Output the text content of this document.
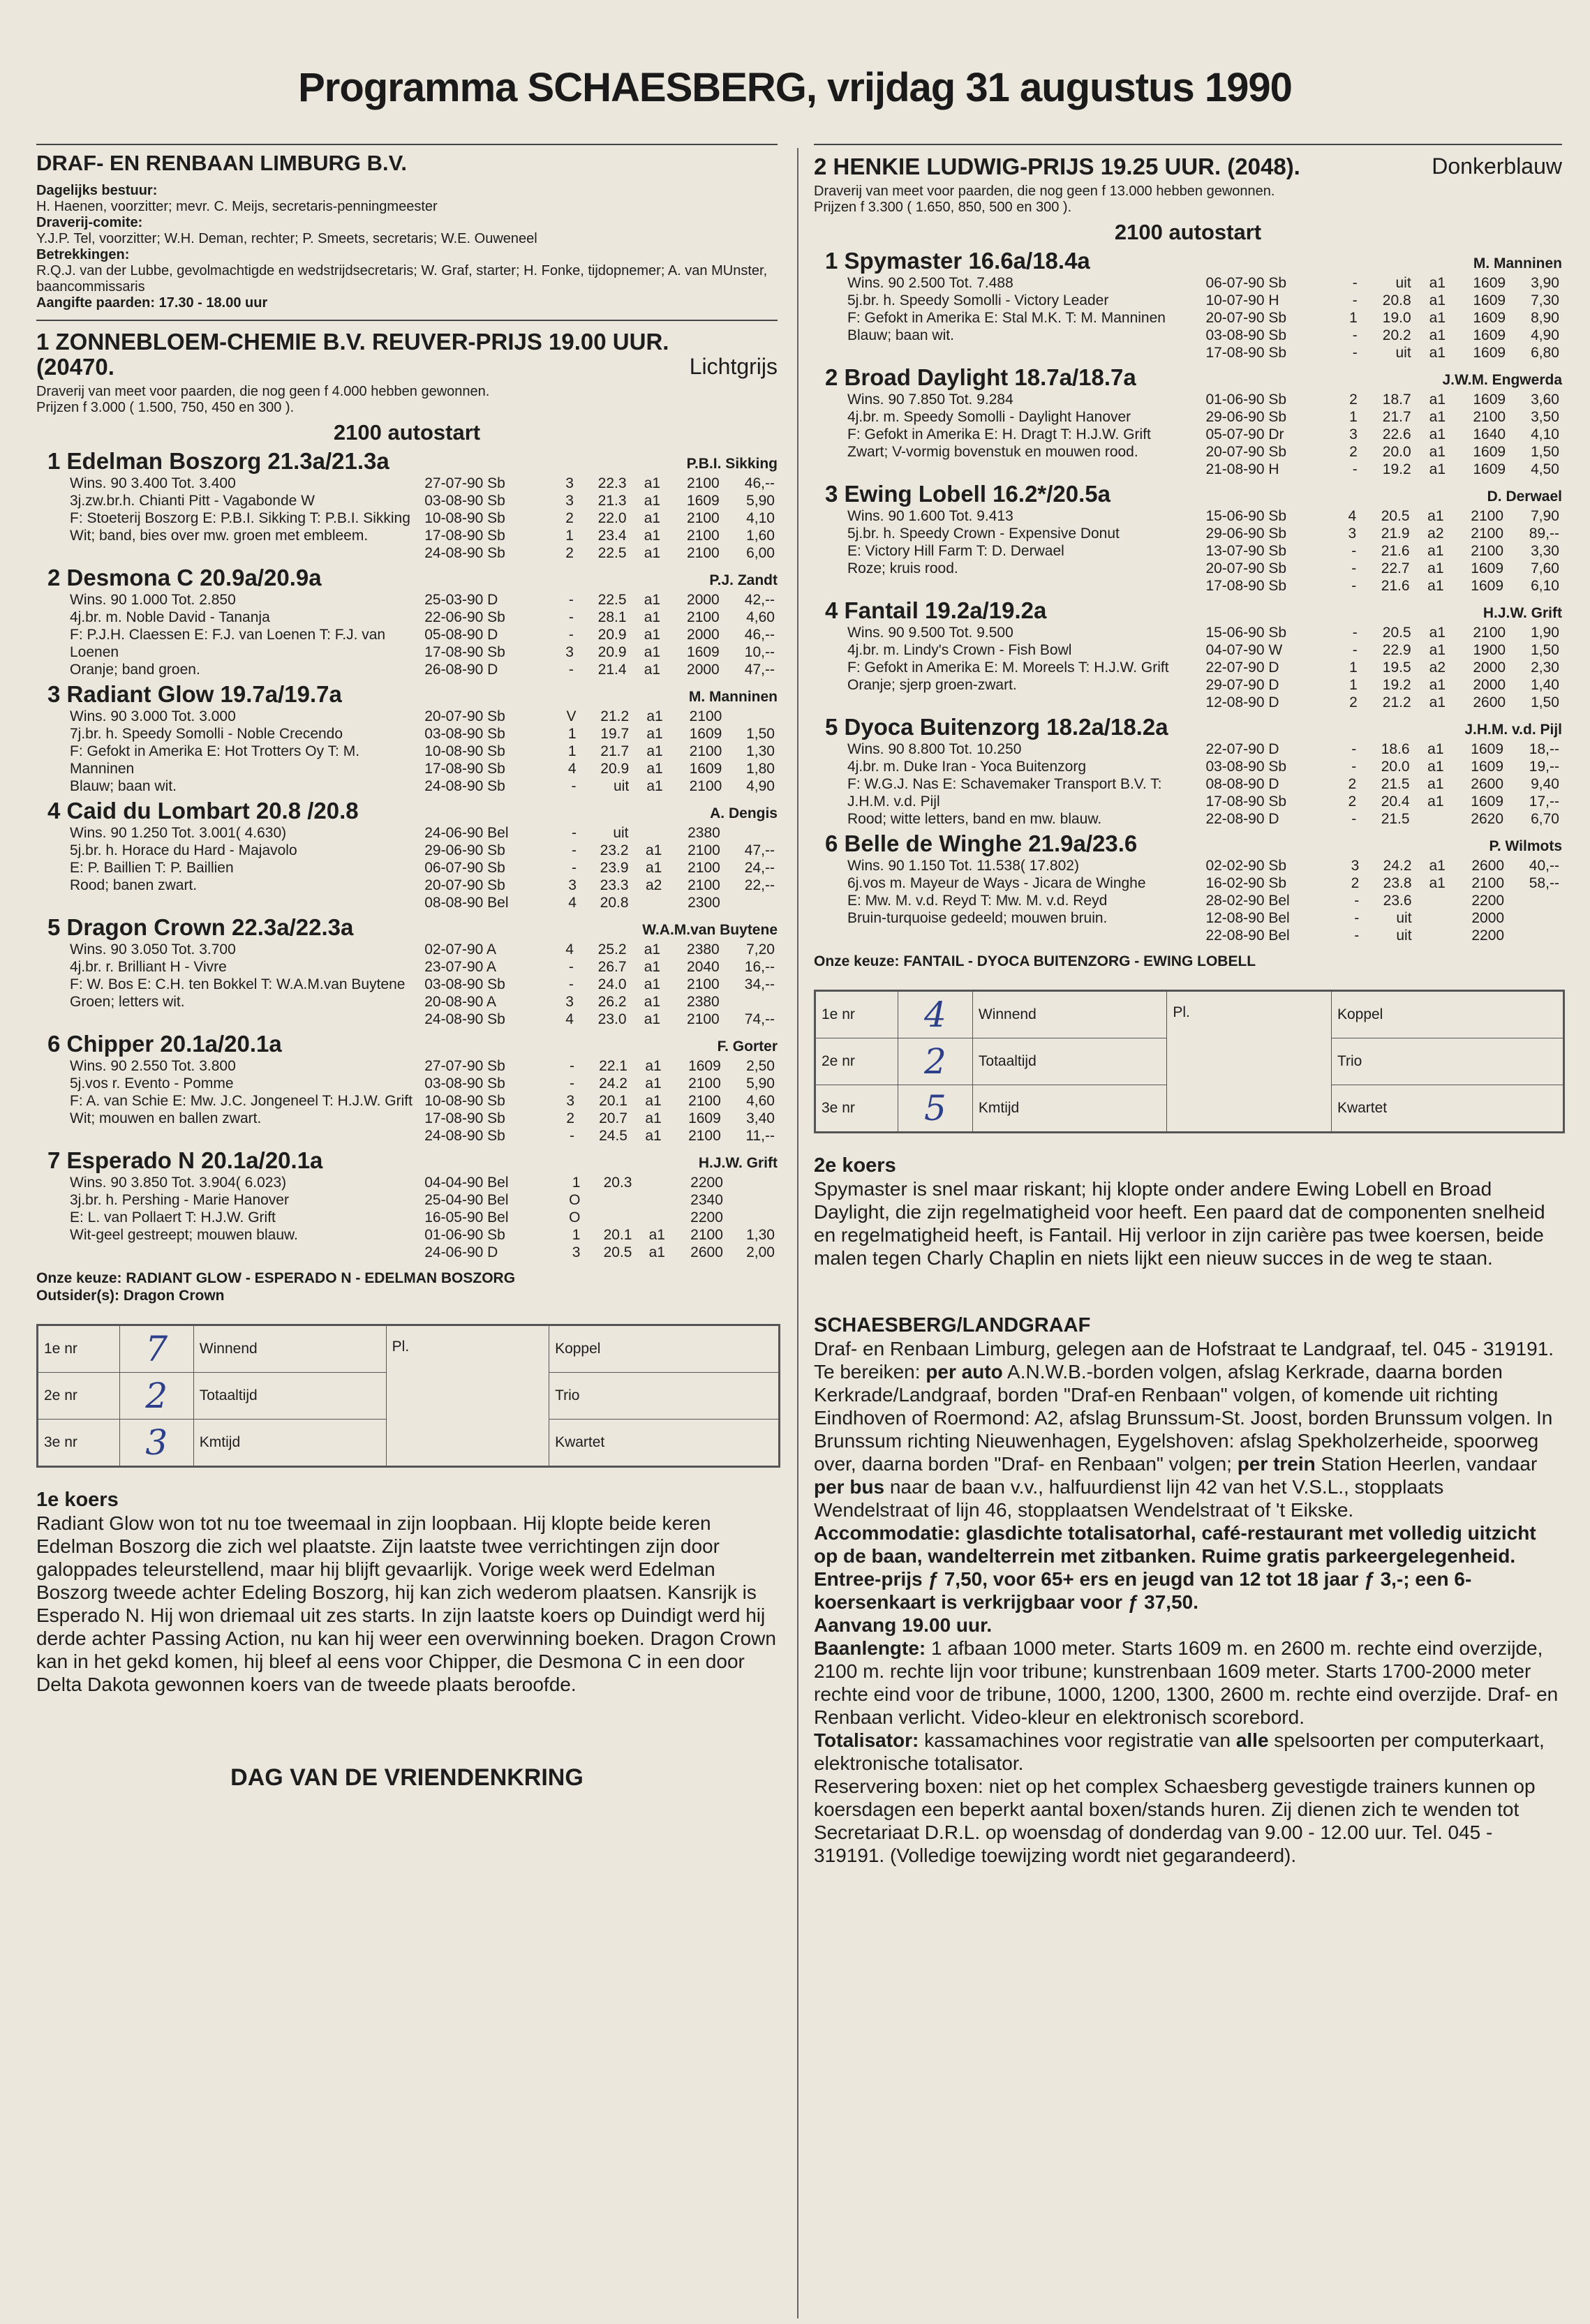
Programma SCHAESBERG, vrijdag 31 augustus 1990
DRAF- EN RENBAAN LIMBURG B.V.
Dagelijks bestuur:
H. Haenen, voorzitter; mevr. C. Meijs, secretaris-penningmeester
Draverij-comite:
Y.J.P. Tel, voorzitter; W.H. Deman, rechter; P. Smeets, secretaris; W.E. Ouweneel
Betrekkingen:
R.Q.J. van der Lubbe, gevolmachtigde en wedstrijdsecretaris; W. Graf, starter; H. Fonke, tijdopnemer; A. van MUnster, baancommissaris
Aangifte paarden: 17.30 - 18.00 uur
1 ZONNEBLOEM-CHEMIE B.V. REUVER-PRIJS 19.00 UUR. (20470.	Lichtgrijs
Draverij van meet voor paarden, die nog geen f 4.000 hebben gewonnen.
Prijzen f 3.000 ( 1.500, 750, 450 en 300 ).
2100 autostart
1 Edelman Boszorg 21.3a/21.3a	P.B.I. Sikking
Wins. 90 3.400 Tot. 3.400
3j.zw.br.h. Chianti Pitt - Vagabonde W
F: Stoeterij Boszorg E: P.B.I. Sikking T: P.B.I. Sikking
Wit; band, bies over mw. groen met embleem.
27-07-90 Sb	3	22.3	a1	2100	46,--
03-08-90 Sb	3	21.3	a1	1609	5,90
10-08-90 Sb	2	22.0	a1	2100	4,10
17-08-90 Sb	1	23.4	a1	2100	1,60
24-08-90 Sb	2	22.5	a1	2100	6,00
2 Desmona C 20.9a/20.9a	P.J. Zandt
Wins. 90 1.000 Tot. 2.850
4j.br. m. Noble David - Tananja
F: P.J.H. Claessen E: F.J. van Loenen T: F.J. van Loenen
Oranje; band groen.
25-03-90 D	-	22.5	a1	2000	42,--
22-06-90 Sb	-	28.1	a1	2100	4,60
05-08-90 D	-	20.9	a1	2000	46,--
17-08-90 Sb	3	20.9	a1	1609	10,--
26-08-90 D	-	21.4	a1	2000	47,--
3 Radiant Glow 19.7a/19.7a	M. Manninen
Wins. 90 3.000 Tot. 3.000
7j.br. h. Speedy Somolli - Noble Crecendo
F: Gefokt in Amerika E: Hot Trotters Oy T: M. Manninen
Blauw; baan wit.
20-07-90 Sb	V	21.2	a1	2100	
03-08-90 Sb	1	19.7	a1	1609	1,50
10-08-90 Sb	1	21.7	a1	2100	1,30
17-08-90 Sb	4	20.9	a1	1609	1,80
24-08-90 Sb	-	uit	a1	2100	4,90
4 Caid du Lombart 20.8 /20.8	A. Dengis
Wins. 90 1.250 Tot. 3.001( 4.630)
5j.br. h. Horace du Hard - Majavolo
E: P. Baillien T: P. Baillien
Rood; banen zwart.
24-06-90 Bel	-	uit		2380	
29-06-90 Sb	-	23.2	a1	2100	47,--
06-07-90 Sb	-	23.9	a1	2100	24,--
20-07-90 Sb	3	23.3	a2	2100	22,--
08-08-90 Bel	4	20.8		2300	
5 Dragon Crown 22.3a/22.3a	W.A.M.van Buytene
Wins. 90 3.050 Tot. 3.700
4j.br. r. Brilliant H - Vivre
F: W. Bos E: C.H. ten Bokkel T: W.A.M.van Buytene
Groen; letters wit.
02-07-90 A	4	25.2	a1	2380	7,20
23-07-90 A	-	26.7	a1	2040	16,--
03-08-90 Sb	-	24.0	a1	2100	34,--
20-08-90 A	3	26.2	a1	2380	
24-08-90 Sb	4	23.0	a1	2100	74,--
6 Chipper 20.1a/20.1a	F. Gorter
Wins. 90 2.550 Tot. 3.800
5j.vos r. Evento - Pomme
F: A. van Schie E: Mw. J.C. Jongeneel T: H.J.W. Grift
Wit; mouwen en ballen zwart.
27-07-90 Sb	-	22.1	a1	1609	2,50
03-08-90 Sb	-	24.2	a1	2100	5,90
10-08-90 Sb	3	20.1	a1	2100	4,60
17-08-90 Sb	2	20.7	a1	1609	3,40
24-08-90 Sb	-	24.5	a1	2100	11,--
7 Esperado N 20.1a/20.1a	H.J.W. Grift
Wins. 90 3.850 Tot. 3.904( 6.023)
3j.br. h. Pershing - Marie Hanover
E: L. van Pollaert T: H.J.W. Grift
Wit-geel gestreept; mouwen blauw.
04-04-90 Bel	1	20.3		2200	
25-04-90 Bel	O			2340	
16-05-90 Bel	O			2200	
01-06-90 Sb	1	20.1	a1	2100	1,30
24-06-90 D	3	20.5	a1	2600	2,00
Onze keuze: RADIANT GLOW - ESPERADO N - EDELMAN BOSZORG
Outsider(s): Dragon Crown
1e nr	7	Winnend	Pl.	Koppel
2e nr	2	Totaaltijd		Trio
3e nr	3	Kmtijd		Kwartet
1e koers
Radiant Glow won tot nu toe tweemaal in zijn loopbaan. Hij klopte beide keren Edelman Boszorg die zich wel plaatste. Zijn laatste twee verrichtingen zijn door galoppades teleurstellend, maar hij blijft gevaarlijk. Vorige week werd Edelman Boszorg tweede achter Edeling Boszorg, hij kan zich wederom plaatsen. Kansrijk is Esperado N. Hij won driemaal uit zes starts. In zijn laatste koers op Duindigt werd hij derde achter Passing Action, nu kan hij weer een overwinning boeken. Dragon Crown kan in het gekd komen, hij bleef al eens voor Chipper, die Desmona C in een door Delta Dakota gewonnen koers van de tweede plaats beroofde.
DAG VAN DE VRIENDENKRING
2 HENKIE LUDWIG-PRIJS 19.25 UUR. (2048).	Donkerblauw
Draverij van meet voor paarden, die nog geen f 13.000 hebben gewonnen.
Prijzen f 3.300 ( 1.650, 850, 500 en 300 ).
2100 autostart
1 Spymaster 16.6a/18.4a	M. Manninen
Wins. 90 2.500 Tot. 7.488
5j.br. h. Speedy Somolli - Victory Leader
F: Gefokt in Amerika E: Stal M.K. T: M. Manninen
Blauw; baan wit.
06-07-90 Sb	-	uit	a1	1609	3,90
10-07-90 H	-	20.8	a1	1609	7,30
20-07-90 Sb	1	19.0	a1	1609	8,90
03-08-90 Sb	-	20.2	a1	1609	4,90
17-08-90 Sb	-	uit	a1	1609	6,80
2 Broad Daylight 18.7a/18.7a	J.W.M. Engwerda
Wins. 90 7.850 Tot. 9.284
4j.br. m. Speedy Somolli - Daylight Hanover
F: Gefokt in Amerika E: H. Dragt T: H.J.W. Grift
Zwart; V-vormig bovenstuk en mouwen rood.
01-06-90 Sb	2	18.7	a1	1609	3,60
29-06-90 Sb	1	21.7	a1	2100	3,50
05-07-90 Dr	3	22.6	a1	1640	4,10
20-07-90 Sb	2	20.0	a1	1609	1,50
21-08-90 H	-	19.2	a1	1609	4,50
3 Ewing Lobell 16.2*/20.5a	D. Derwael
Wins. 90 1.600 Tot. 9.413
5j.br. h. Speedy Crown - Expensive Donut
E: Victory Hill Farm T: D. Derwael
Roze; kruis rood.
15-06-90 Sb	4	20.5	a1	2100	7,90
29-06-90 Sb	3	21.9	a2	2100	89,--
13-07-90 Sb	-	21.6	a1	2100	3,30
20-07-90 Sb	-	22.7	a1	1609	7,60
17-08-90 Sb	-	21.6	a1	1609	6,10
4 Fantail 19.2a/19.2a	H.J.W. Grift
Wins. 90 9.500 Tot. 9.500
4j.br. m. Lindy's Crown - Fish Bowl
F: Gefokt in Amerika E: M. Moreels T: H.J.W. Grift
Oranje; sjerp groen-zwart.
15-06-90 Sb	-	20.5	a1	2100	1,90
04-07-90 W	-	22.9	a1	1900	1,50
22-07-90 D	1	19.5	a2	2000	2,30
29-07-90 D	1	19.2	a1	2000	1,40
12-08-90 D	2	21.2	a1	2600	1,50
5 Dyoca Buitenzorg 18.2a/18.2a	J.H.M. v.d. Pijl
Wins. 90 8.800 Tot. 10.250
4j.br. m. Duke Iran - Yoca Buitenzorg
F: W.G.J. Nas E: Schavemaker Transport B.V. T: J.H.M. v.d. Pijl
Rood; witte letters, band en mw. blauw.
22-07-90 D	-	18.6	a1	1609	18,--
03-08-90 Sb	-	20.0	a1	1609	19,--
08-08-90 D	2	21.5	a1	2600	9,40
17-08-90 Sb	2	20.4	a1	1609	17,--
22-08-90 D	-	21.5		2620	6,70
6 Belle de Winghe 21.9a/23.6	P. Wilmots
Wins. 90 1.150 Tot. 11.538( 17.802)
6j.vos m. Mayeur de Ways - Jicara de Winghe
E: Mw. M. v.d. Reyd T: Mw. M. v.d. Reyd
Bruin-turquoise gedeeld; mouwen bruin.
02-02-90 Sb	3	24.2	a1	2600	40,--
16-02-90 Sb	2	23.8	a1	2100	58,--
28-02-90 Bel	-	23.6		2200	
12-08-90 Bel	-	uit		2000	
22-08-90 Bel	-	uit		2200	
Onze keuze: FANTAIL - DYOCA BUITENZORG - EWING LOBELL
1e nr	4	Winnend	Pl.	Koppel
2e nr	2	Totaaltijd		Trio
3e nr	5	Kmtijd		Kwartet
2e koers
Spymaster is snel maar riskant; hij klopte onder andere Ewing Lobell en Broad Daylight, die zijn regelmatigheid voor heeft. Een paard dat de componenten snelheid en regelmatigheid heeft, is Fantail. Hij verloor in zijn carière pas twee koersen, beide malen tegen Charly Chaplin en niets lijkt een nieuw succes in de weg te staan.
SCHAESBERG/LANDGRAAF
Draf- en Renbaan Limburg, gelegen aan de Hofstraat te Landgraaf, tel. 045 - 319191. Te bereiken: per auto A.N.W.B.-borden volgen, afslag Kerkrade, daarna borden Kerkrade/Landgraaf, borden "Draf-en Renbaan" volgen, of komende uit richting Eindhoven of Roermond: A2, afslag Brunssum-St. Joost, borden Brunssum volgen. In Brunssum richting Nieuwenhagen, Eygelshoven: afslag Spekholzerheide, spoorweg over, daarna borden "Draf- en Renbaan" volgen; per trein Station Heerlen, vandaar per bus naar de baan v.v., halfuurdienst lijn 42 van het V.S.L., stopplaats Wendelstraat of lijn 46, stopplaatsen Wendelstraat of 't Eikske.
Accommodatie: glasdichte totalisatorhal, café-restaurant met volledig uitzicht op de baan, wandelterrein met zitbanken. Ruime gratis parkeergelegenheid.
Entree-prijs ƒ 7,50, voor 65+ ers en jeugd van 12 tot 18 jaar ƒ 3,-; een 6-koersenkaart is verkrijgbaar voor ƒ 37,50.
Aanvang 19.00 uur.
Baanlengte: 1 afbaan 1000 meter. Starts 1609 m. en 2600 m. rechte eind overzijde, 2100 m. rechte lijn voor tribune; kunstrenbaan 1609 meter. Starts 1700-2000 meter rechte eind voor de tribune, 1000, 1200, 1300, 2600 m. rechte eind overzijde. Draf- en Renbaan verlicht. Video-kleur en elektronisch scorebord.
Totalisator: kassamachines voor registratie van alle spelsoorten per computerkaart, elektronische totalisator.
Reservering boxen: niet op het complex Schaesberg gevestigde trainers kunnen op koersdagen een beperkt aantal boxen/stands huren. Zij dienen zich te wenden tot Secretariaat D.R.L. op woensdag of donderdag van 9.00 - 12.00 uur. Tel. 045 - 319191. (Volledige toewijzing wordt niet gegarandeerd).
